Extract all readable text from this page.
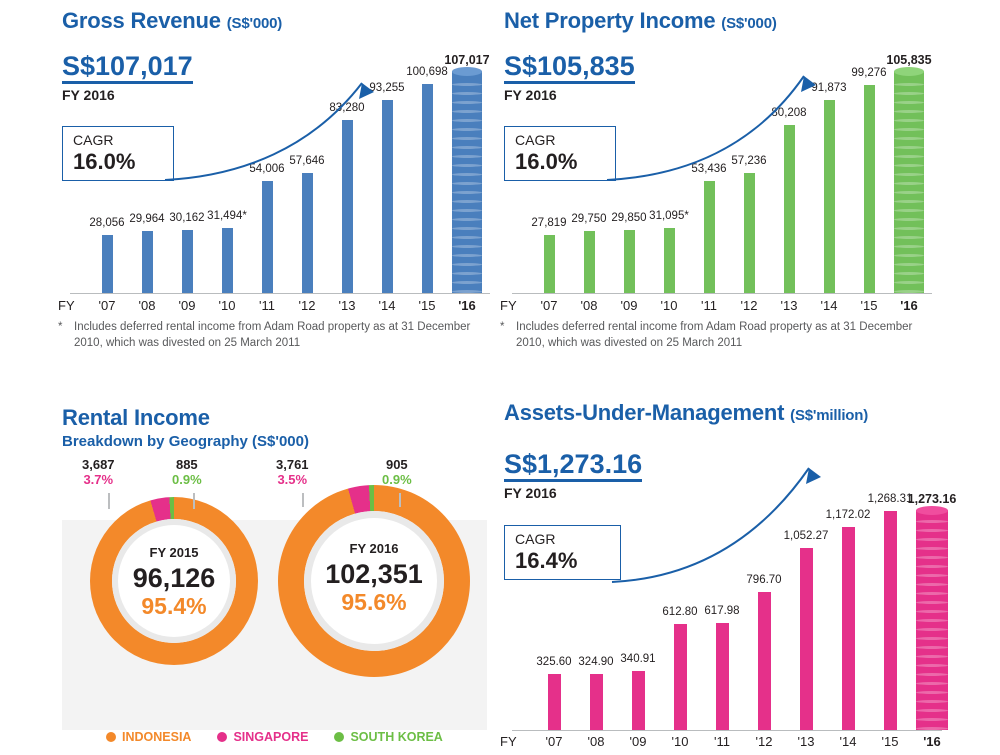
Gross Revenue (S$'000)
S$107,017
FY 2016
CAGR
16.0%
28,056 29,964 30,162 31,494*
54,006
57,646
83,280
93,255
100,698
107,017
FY	'07	'08	'09	'10	'11	'12	'13	'14	'15	'16
* Includes deferred rental income from Adam Road property as at 31 December 2010, which was divested on 25 March 2011
Net Property Income (S$'000)
S$105,835
FY 2016
CAGR
16.0%
27,819 29,750 29,850 31,095*
53,436
57,236
80,208
91,873
99,276
105,835
FY	'07	'08	'09	'10	'11	'12	'13	'14	'15	'16
* Includes deferred rental income from Adam Road property as at 31 December 2010, which was divested on 25 March 2011
Rental Income
Breakdown by Geography (S$'000)
FY 2015
96,126
95.4%
3,687
3.7%
885
0.9%
FY 2016
102,351
95.6%
3,761
3.5%
905
0.9%
INDONESIA	SINGAPORE	SOUTH KOREA
Assets-Under-Management (S$'million)
S$1,273.16
FY 2016
CAGR
16.4%
325.60 324.90 340.91
612.80 617.98
796.70
1,052.27
1,172.02
1,268.31
1,273.16
FY	'07	'08	'09	'10	'11	'12	'13	'14	'15	'16
